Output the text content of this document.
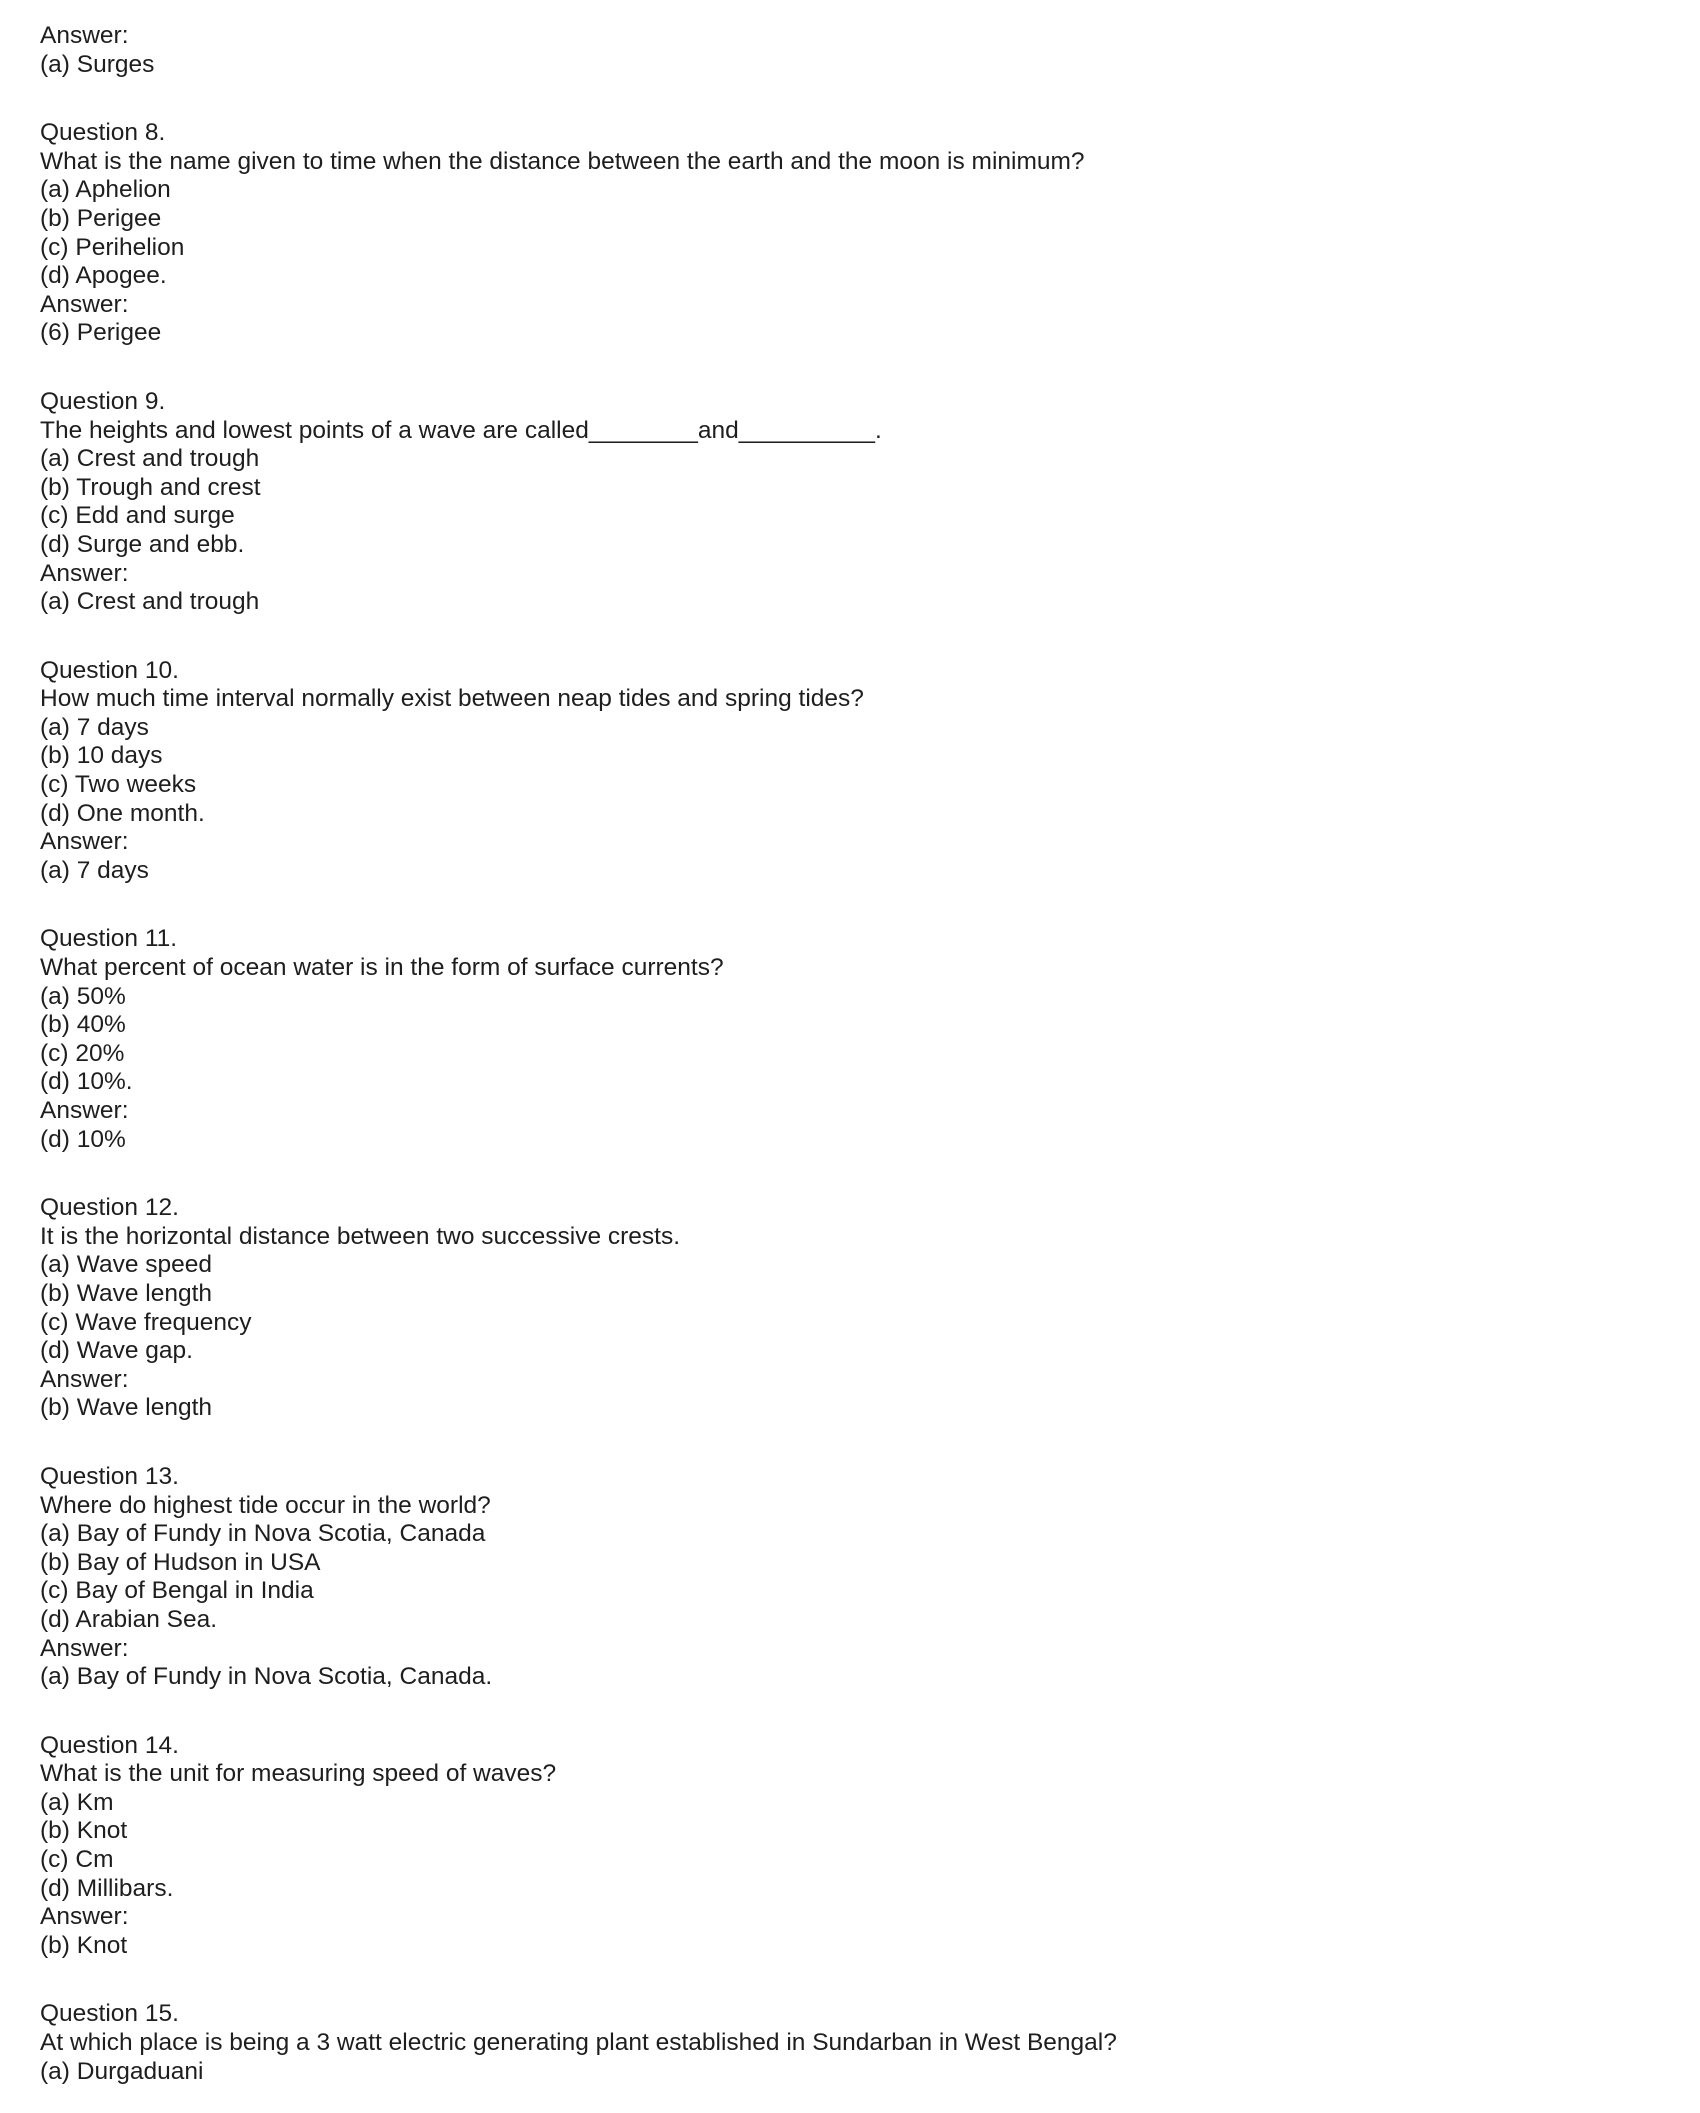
Answer:
(a) Surges
Question 8.
What is the name given to time when the distance between the earth and the moon is minimum?
(a) Aphelion
(b) Perigee
(c) Perihelion
(d) Apogee.
Answer:
(6) Perigee
Question 9.
The heights and lowest points of a wave are called________and__________.
(a) Crest and trough
(b) Trough and crest
(c) Edd and surge
(d) Surge and ebb.
Answer:
(a) Crest and trough
Question 10.
How much time interval normally exist between neap tides and spring tides?
(a) 7 days
(b) 10 days
(c) Two weeks
(d) One month.
Answer:
(a) 7 days
Question 11.
What percent of ocean water is in the form of surface currents?
(a) 50%
(b) 40%
(c) 20%
(d) 10%.
Answer:
(d) 10%
Question 12.
It is the horizontal distance between two successive crests.
(a) Wave speed
(b) Wave length
(c) Wave frequency
(d) Wave gap.
Answer:
(b) Wave length
Question 13.
Where do highest tide occur in the world?
(a) Bay of Fundy in Nova Scotia, Canada
(b) Bay of Hudson in USA
(c) Bay of Bengal in India
(d) Arabian Sea.
Answer:
(a) Bay of Fundy in Nova Scotia, Canada.
Question 14.
What is the unit for measuring speed of waves?
(a) Km
(b) Knot
(c) Cm
(d) Millibars.
Answer:
(b) Knot
Question 15.
At which place is being a 3 watt electric generating plant established in Sundarban in West Bengal?
(a) Durgaduani
